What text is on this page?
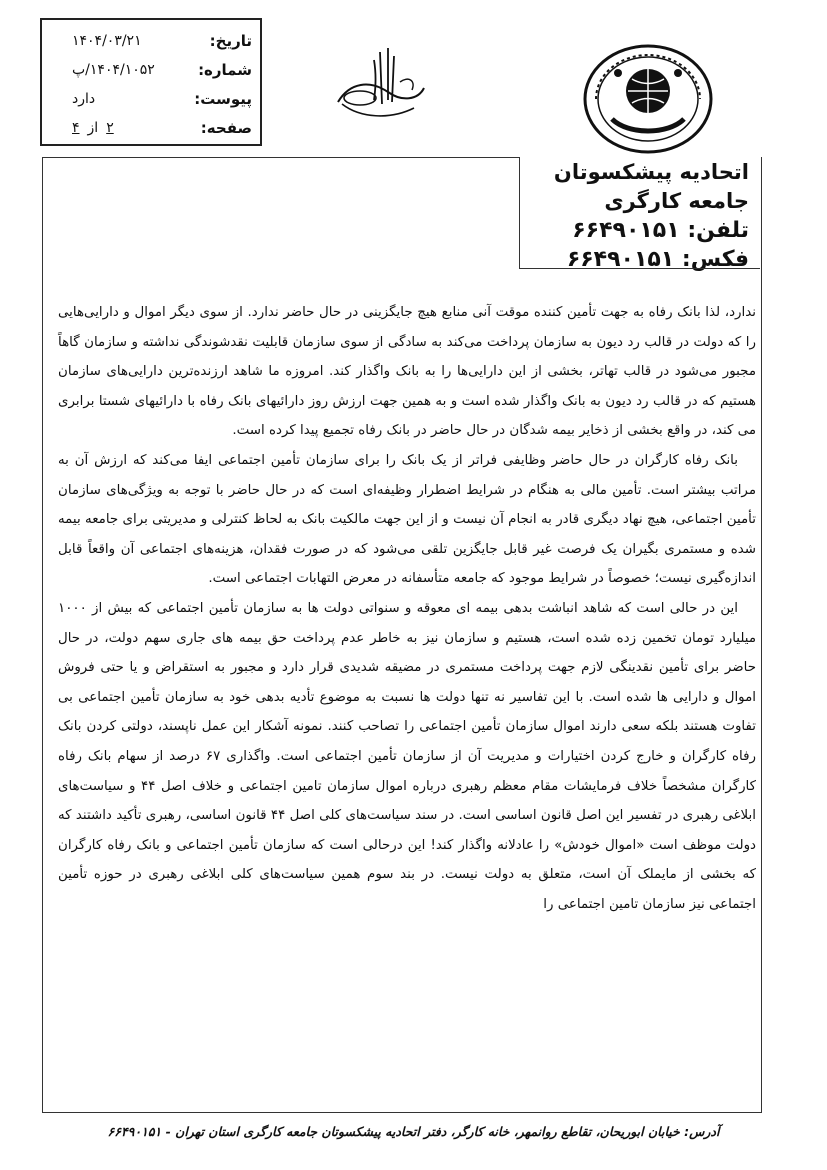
تاریخ:
۱۴۰۴/۰۳/۲۱
شماره:
۱۴۰۴/۱۰۵۲/پ
پیوست:
دارد
صفحه:
۲
از
۴
اتحادیه پیشکسوتان
جامعه کارگری
تلفن: ۶۶۴۹۰۱۵۱
فکس: ۶۶۴۹۰۱۵۱

ندارد، لذا بانک رفاه به جهت تأمین کننده موقت آنی منابع هیچ جایگزینی در حال حاضر ندارد. از سوی دیگر اموال و دارایی‌هایی را که دولت در قالب رد دیون به سازمان پرداخت می‌کند به سادگی از سوی سازمان قابلیت نقدشوندگی نداشته و سازمان گاهاً مجبور می‌شود در قالب تهاتر، بخشی از این دارایی‌ها را به بانک واگذار کند. امروزه ما شاهد ارزنده‌ترین دارایی‌های سازمان هستیم که در قالب رد دیون به بانک واگذار شده است و به همین جهت ارزش روز دارائیهای بانک رفاه با دارائیهای شستا برابری می کند، در واقع بخشی از ذخایر بیمه شدگان در حال حاضر در بانک رفاه تجمیع پیدا کرده است.

بانک رفاه کارگران در حال حاضر وظایفی فراتر از یک بانک را برای سازمان تأمین اجتماعی ایفا می‌کند که ارزش آن به مراتب بیشتر است. تأمین مالی به هنگام در شرایط اضطرار وظیفه‌ای است که در حال حاضر با توجه به ویژگی‌های سازمان تأمین اجتماعی، هیچ نهاد دیگری قادر به انجام آن نیست و از این جهت مالکیت بانک به لحاظ کنترلی و مدیریتی برای جامعه بیمه شده و مستمری بگیران یک فرصت غیر قابل جایگزین تلقی می‌شود که در صورت فقدان، هزینه‌های اجتماعی آن واقعاً قابل اندازه‌گیری نیست؛ خصوصاً در شرایط موجود که جامعه متأسفانه در معرض التهابات اجتماعی است.

این در حالی است که شاهد انباشت بدهی بیمه ای معوقه و سنواتی دولت ها به سازمان تأمین اجتماعی که بیش از ۱۰۰۰ میلیارد تومان تخمین زده شده است، هستیم و سازمان نیز به خاطر عدم پرداخت حق بیمه های جاری سهم دولت، در حال حاضر برای تأمین نقدینگی لازم جهت پرداخت مستمری در مضیقه شدیدی قرار دارد و مجبور به استقراض و یا حتی فروش اموال و دارایی ها شده است. با این تفاسیر نه تنها دولت ها نسبت به موضوع تأدیه بدهی خود به سازمان تأمین اجتماعی بی تفاوت هستند بلکه سعی دارند اموال سازمان تأمین اجتماعی را تصاحب کنند. نمونه آشکار این عمل ناپسند، دولتی کردن بانک رفاه کارگران و خارج کردن اختیارات و مدیریت آن از سازمان تأمین اجتماعی است. واگذاری ۶۷ درصد از سهام بانک رفاه کارگران مشخصاً خلاف فرمایشات مقام معظم رهبری درباره اموال سازمان تامین اجتماعی و خلاف اصل ۴۴ و سیاست‌های ابلاغی رهبری در تفسیر این اصل قانون اساسی است. در سند سیاست‌های کلی اصل ۴۴ قانون اساسی، رهبری تأکید داشتند که دولت موظف است «اموال خودش» را عادلانه واگذار کند! این درحالی است که سازمان تأمین اجتماعی و بانک رفاه کارگران که بخشی از مایملک آن است، متعلق به دولت نیست. در بند سوم همین سیاست‌های کلی ابلاغی رهبری در حوزه تأمین اجتماعی نیز سازمان تامین اجتماعی را

آدرس: خیابان ابوریحان، تقاطع روانمهر، خانه کارگر، دفتر اتحادیه پیشکسوتان جامعه کارگری استان تهران - ۶۶۴۹۰۱۵۱
